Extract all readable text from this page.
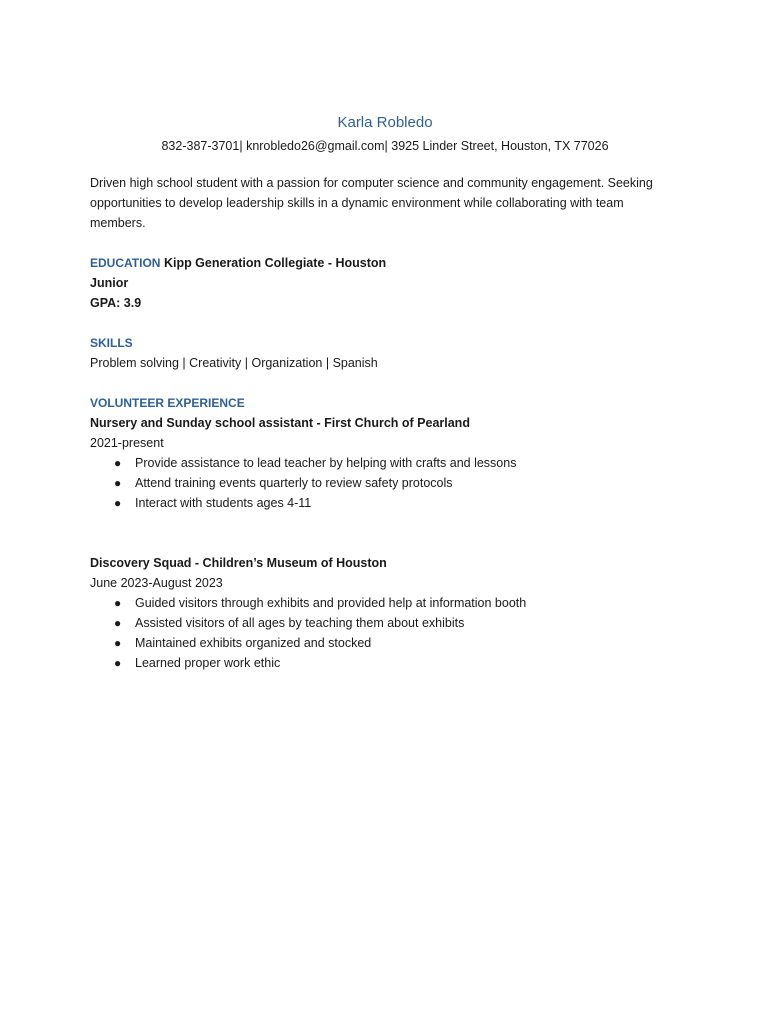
Karla Robledo

832-387-3701| knrobledo26@gmail.com| 3925 Linder Street, Houston, TX 77026

Driven high school student with a passion for computer science and community engagement. Seeking opportunities to develop leadership skills in a dynamic environment while collaborating with team members.

EDUCATION Kipp Generation Collegiate - Houston

Junior

GPA: 3.9

SKILLS

Problem solving | Creativity | Organization | Spanish

VOLUNTEER EXPERIENCE

Nursery and Sunday school assistant - First Church of Pearland

2021-present

● Provide assistance to lead teacher by helping with crafts and lessons
● Attend training events quarterly to review safety protocols
● Interact with students ages 4-11

Discovery Squad - Children’s Museum of Houston

June 2023-August 2023

● Guided visitors through exhibits and provided help at information booth
● Assisted visitors of all ages by teaching them about exhibits
● Maintained exhibits organized and stocked
● Learned proper work ethic
